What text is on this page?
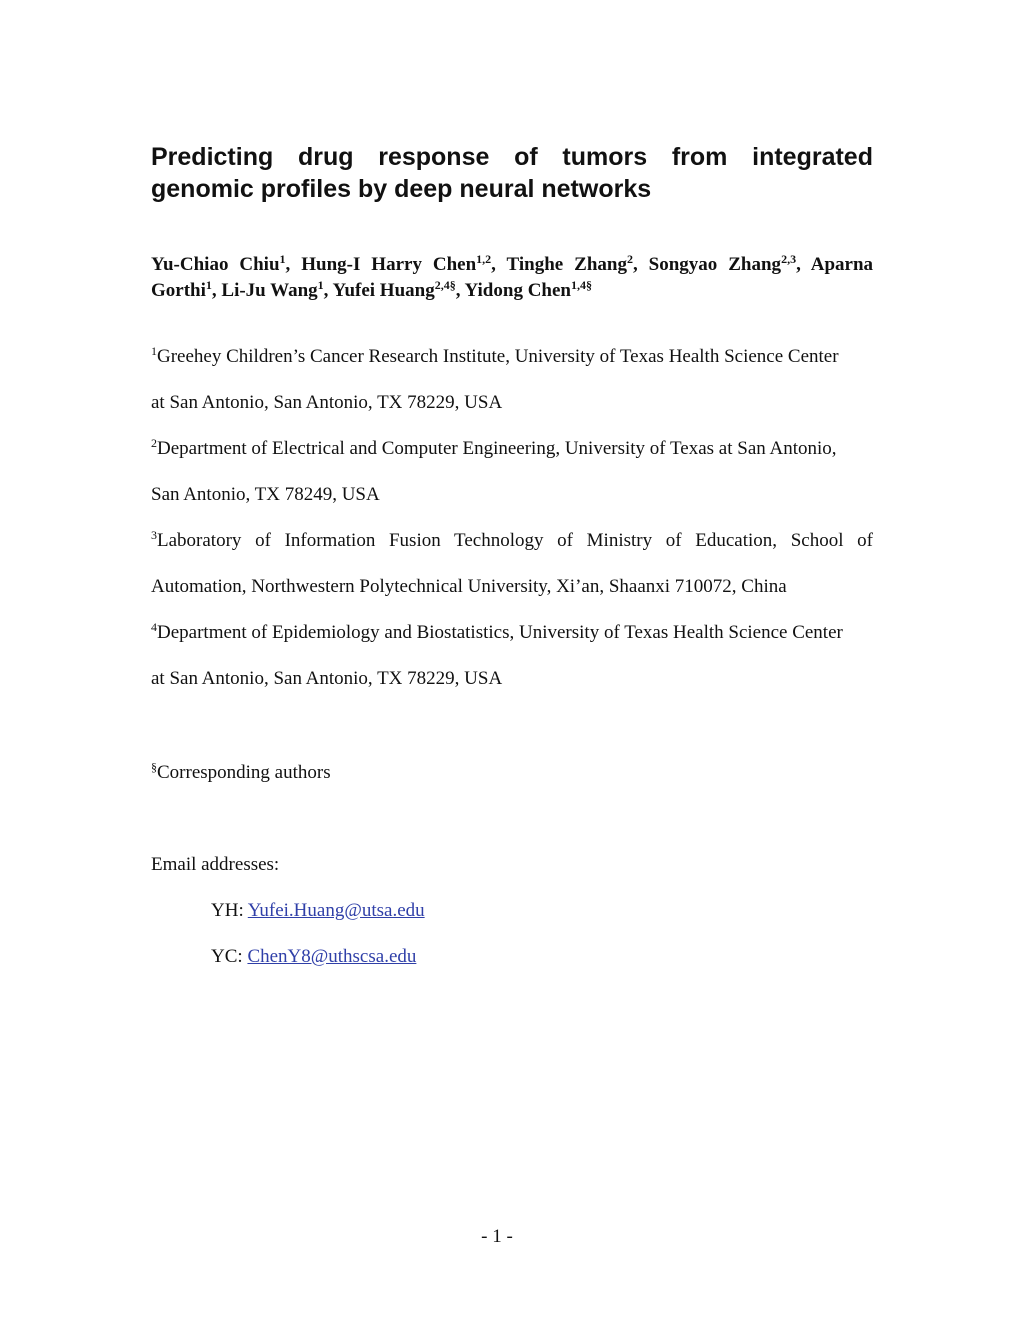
Predicting drug response of tumors from integrated
genomic profiles by deep neural networks
Yu-Chiao Chiu$^1$, Hung-I Harry Chen$^{1,2}$, Tinghe Zhang$^2$, Songyao Zhang$^{2,3}$, Aparna
Gorthi$^1$, Li-Ju Wang$^1$, Yufei Huang$^{2,4\S}$, Yidong Chen$^{1,4\S}$
$^1$Greehey Children’s Cancer Research Institute, University of Texas Health Science Center
at San Antonio, San Antonio, TX 78229, USA
$^2$Department of Electrical and Computer Engineering, University of Texas at San Antonio,
San Antonio, TX 78249, USA
$^3$Laboratory of Information Fusion Technology of Ministry of Education, School of
Automation, Northwestern Polytechnical University, Xi’an, Shaanxi 710072, China
$^4$Department of Epidemiology and Biostatistics, University of Texas Health Science Center
at San Antonio, San Antonio, TX 78229, USA
§Corresponding authors
Email addresses:
YH: Yufei.Huang@utsa.edu
YC: ChenY8@uthscsa.edu
- 1 -
